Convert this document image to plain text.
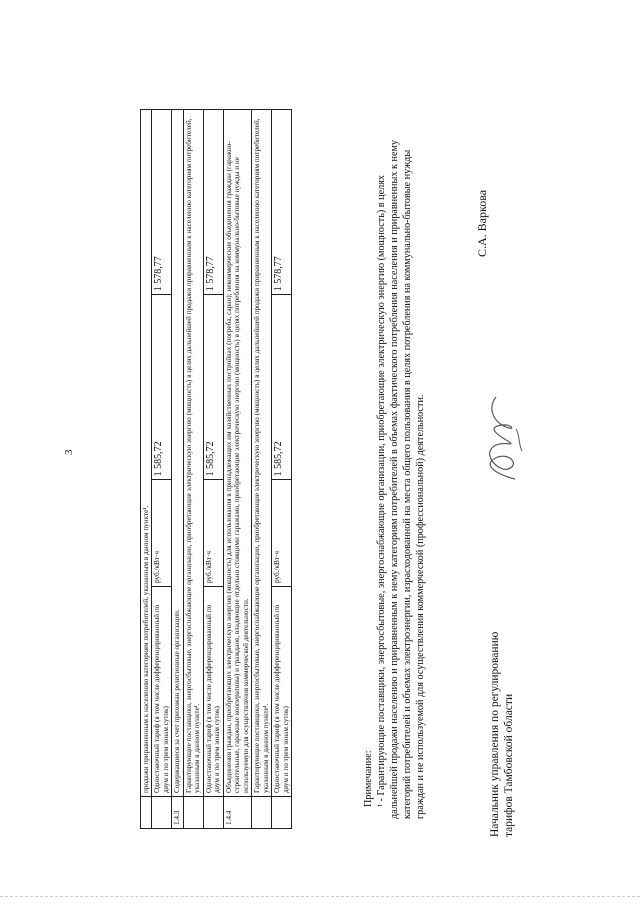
3
	продажи приравненным к населению категориям потребителей, указанным в данном пункте¹.			
	Одноставочный тариф (в том числе дифференцированный по двум и по трем зонам суток)	руб./кВт·ч	1 585,72	1 578,77
1.4.3	Содержащиеся за счет прихожан религиозные организации.			
	Гарантирующие поставщики, энергосбытовые, энергоснабжающие организации, приобретающие электрическую энергию (мощность) в целях дальнейшей продажи приравненным к населению категориям потребителей, указанным в данном пункте¹.			
	Одноставочный тариф (в том числе дифференцированный по двум и по трем зонам суток)	руб./кВт·ч	1 585,72	1 578,77
1.4.4	Объединения граждан, приобретающих электрическую энергию (мощность) для использования в принадлежащих им хозяйственных постройках (погреба, сараи); некоммерческие объединения граждан (гаражно-строительные, гаражные кооперативы) и граждане, владеющие отдельно стоящими гаражами, приобретающие электрическую энергию (мощность) в целях потребления на коммунально-бытовые нужды и не используемую для осуществления коммерческой деятельности.			
	Гарантирующие поставщики, энергосбытовые, энергоснабжающие организации, приобретающие электрическую энергию (мощность) в целях дальнейшей продажи приравненным к населению категориям потребителей, указанным в данном пункте¹.			
	Одноставочный тариф (в том числе дифференцированный по двум и по трем зонам суток)	руб./кВт·ч	1 585,72	1 578,77

Примечание: ¹ - Гарантирующие поставщики, энергосбытовые, энергоснабжающие организации, приобретающие электрическую энергию (мощность) в целях дальнейшей продажи населению и приравненным к нему категориям потребителей в объемах фактического потребления населения и приравненных к нему категорий потребителей и объемах электроэнергии, израсходованной на места общего пользования в целях потребления на коммунально-бытовые нужды граждан и не используемой для осуществления коммерческой (профессиональной) деятельности.	Начальник управления по регулированию тарифов Тамбовской области
С.А. Варкова
